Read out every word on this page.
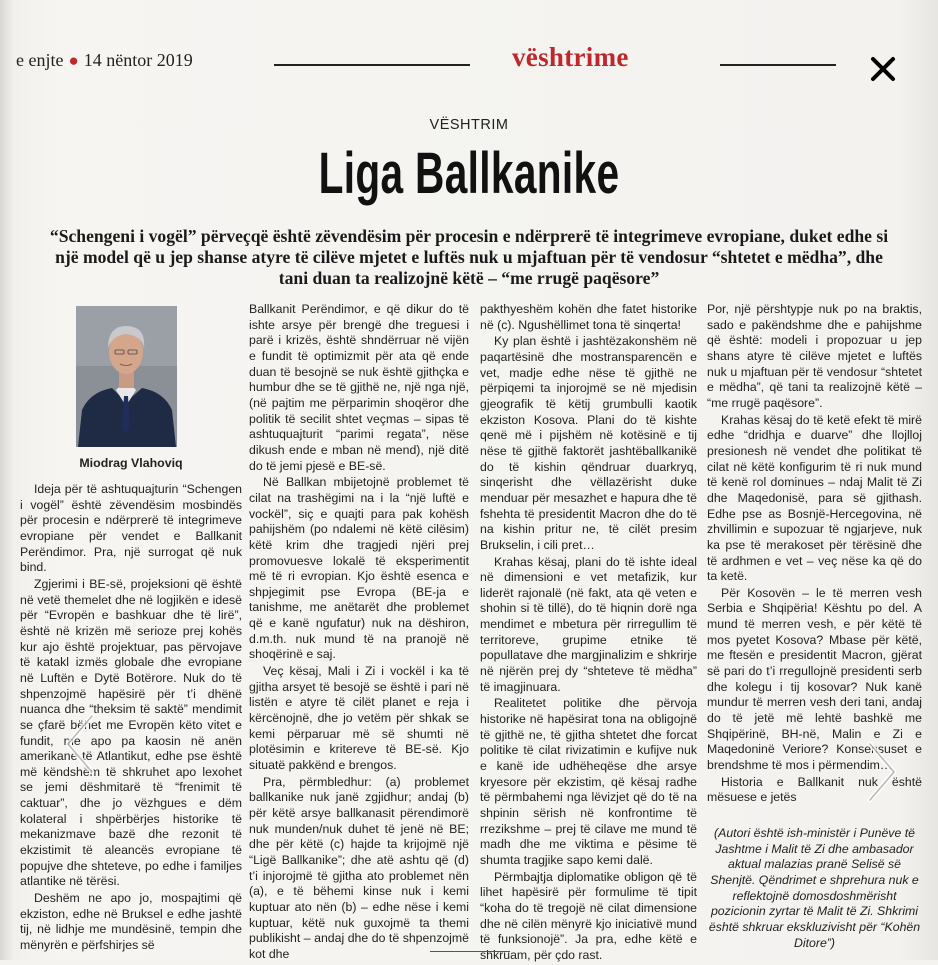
e enjte ● 14 nëntor 2019	vështrime
VËSHTRIM
Liga Ballkanike
“Schengeni i vogël” përveçqë është zëvendësim për procesin e ndërprerë të integrimeve evropiane, duket edhe si një model që u jep shanse atyre të cilëve mjetet e luftës nuk u mjaftuan për të vendosur “shtetet e mëdha”, dhe tani duan ta realizojnë këtë – “me rrugë paqësore”
Miodrag Vlahoviq

Ideja për të ashtuquajturin “Schengen i vogël” është zëvendësim mosbindës për procesin e ndërprerë të integrimeve evropiane për vendet e Ballkanit Perëndimor. Pra, një surrogat që nuk bind.

Zgjerimi i BE-së, projeksioni që është në vetë themelet dhe në logjikën e idesë për “Evropën e bashkuar dhe të lirë”, është në krizën më serioze prej kohës kur ajo është projektuar, pas përvojave të katakl izmës globale dhe evropiane në Luftën e Dytë Botërore. Nuk do të shpenzojmë hapësirë për t’i dhënë nuanca dhe “theksim të saktë” mendimit se çfarë bëhet me Evropën këto vitet e fundit, me apo pa kaosin në anën amerikane të Atlantikut, edhe pse është më këndshëm të shkruhet apo lexohet se jemi dëshmitarë të “frenimit të caktuar”, dhe jo vëzhgues e dëm kolateral i shpërbërjes historike të mekanizmave bazë dhe rezonit të ekzistimit të aleancës evropiane të popujve dhe shteteve, po edhe i familjes atlantike në tërësi.

Deshëm ne apo jo, mospajtimi që ekziston, edhe në Bruksel e edhe jashtë tij, në lidhje me mundësinë, tempin dhe mënyrën e përfshirjes së

Ballkanit Perëndimor, e që dikur do të ishte arsye për brengë dhe treguesi i parë i krizës, është shndërruar në vijën e fundit të optimizmit për ata që ende duan të besojnë se nuk është gjithçka e humbur dhe se të gjithë ne, një nga një, (në pajtim me përparimin shoqëror dhe politik të secilit shtet veçmas – sipas të ashtuquajturit “parimi regata”, nëse dikush ende e mban në mend), një ditë do të jemi pjesë e BE-së.

Në Ballkan mbijetojnë problemet të cilat na trashëgimi na i la “një luftë e vockël”, siç e quajti para pak kohësh pahijshëm (po ndalemi në këtë cilësim) këtë krim dhe tragjedi njëri prej promovuesve lokalë të eksperimentit më të ri evropian. Kjo është esenca e shpjegimit pse Evropa (BE-ja e tanishme, me anëtarët dhe problemet që e kanë ngufatur) nuk na dëshiron, d.m.th. nuk mund të na pranojë në shoqërinë e saj.

Veç kësaj, Mali i Zi i vockël i ka të gjitha arsyet të besojë se është i pari në listën e atyre të cilët planet e reja i kërcënojnë, dhe jo vetëm për shkak se kemi përparuar më së shumti në plotësimin e kritereve të BE-së. Kjo situatë pakkënd e brengos.

Pra, përmbledhur: (a) problemet ballkanike nuk janë zgjidhur; andaj (b) për këtë arsye ballkanasit përendimorë nuk munden/nuk duhet të jenë në BE; dhe për këtë (c) hajde ta krijojmë një “Ligë Ballkanike”; dhe atë ashtu që (d) t’i injorojmë të gjitha ato problemet nën (a), e të bëhemi kinse nuk i kemi kuptuar ato nën (b) – edhe nëse i kemi kuptuar, këtë nuk guxojmë ta themi publikisht – andaj dhe do të shpenzojmë kot dhe

pakthyeshëm kohën dhe fatet historike në (c). Ngushëllimet tona të sinqerta!

Ky plan është i jashtëzakonshëm në paqartësinë dhe mostransparencën e vet, madje edhe nëse të gjithë ne përpiqemi ta injorojmë se në mjedisin gjeografik të këtij grumbulli kaotik ekziston Kosova. Plani do të kishte qenë më i pijshëm në kotësinë e tij nëse të gjithë faktorët jashtëballkanikë do të kishin qëndruar duarkryq, sinqerisht dhe vëllazërisht duke menduar për mesazhet e hapura dhe të fshehta të presidentit Macron dhe do të na kishin pritur ne, të cilët presim Brukselin, i cili pret…

Krahas kësaj, plani do të ishte ideal në dimensioni e vet metafizik, kur liderët rajonalë (në fakt, ata që veten e shohin si të tillë), do të hiqnin dorë nga mendimet e mbetura për rirregullim të territoreve, grupime etnike të popullatave dhe margjinalizim e shkrirje në njërën prej dy “shteteve të mëdha” të imagjinuara.

Realitetet politike dhe përvoja historike në hapësirat tona na obligojnë të gjithë ne, të gjitha shtetet dhe forcat politike të cilat rivizatimin e kufijve nuk e kanë ide udhëheqëse dhe arsye kryesore për ekzistim, që kësaj radhe të përmbahemi nga lëvizjet që do të na shpinin sërish në konfrontime të rrezikshme – prej të cilave me mund të madh dhe me viktima e pësime të shumta tragjike sapo kemi dalë.

Përmbajtja diplomatike obligon që të lihet hapësirë për formulime të tipit “koha do të tregojë në cilat dimensione dhe në cilën mënyrë kjo iniciativë mund të funksionojë”. Ja pra, edhe këtë e shkruam, për çdo rast.

Por, një përshtypje nuk po na braktis, sado e pakëndshme dhe e pahijshme që është: modeli i propozuar u jep shans atyre të cilëve mjetet e luftës nuk u mjaftuan për të vendosur “shtetet e mëdha”, që tani ta realizojnë këtë – “me rrugë paqësore”.

Krahas kësaj do të ketë efekt të mirë edhe “dridhja e duarve” dhe llojlloj presionesh në vendet dhe politikat të cilat në këtë konfigurim të ri nuk mund të kenë rol dominues – ndaj Malit të Zi dhe Maqedonisë, para së gjithash. Edhe pse as Bosnjë-Hercegovina, në zhvillimin e supozuar të ngjarjeve, nuk ka pse të merakoset për tërësinë dhe të ardhmen e vet – veç nëse ka që do ta ketë.

Për Kosovën – le të merren vesh Serbia e Shqipëria! Kështu po del. A mund të merren vesh, e për këtë të mos pyetet Kosova? Mbase për këtë, me ftesën e presidentit Macron, gjërat së pari do t’i rregullojnë presidenti serb dhe kolegu i tij kosovar? Nuk kanë mundur të merren vesh deri tani, andaj do të jetë më lehtë bashkë me Shqipërinë, BH-në, Malin e Zi e Maqedoninë Veriore? Konsensuset e brendshme të mos i përmendim…

Historia e Ballkanit nuk është mësuese e jetës

(Autori është ish-ministër i Punëve të Jashtme i Malit të Zi dhe ambasador aktual malazias pranë Selisë së Shenjtë. Qëndrimet e shprehura nuk e reflektojnë domosdoshmërisht pozicionin zyrtar të Malit të Zi. Shkrimi është shkruar ekskluzivisht për “Kohën Ditore”)
